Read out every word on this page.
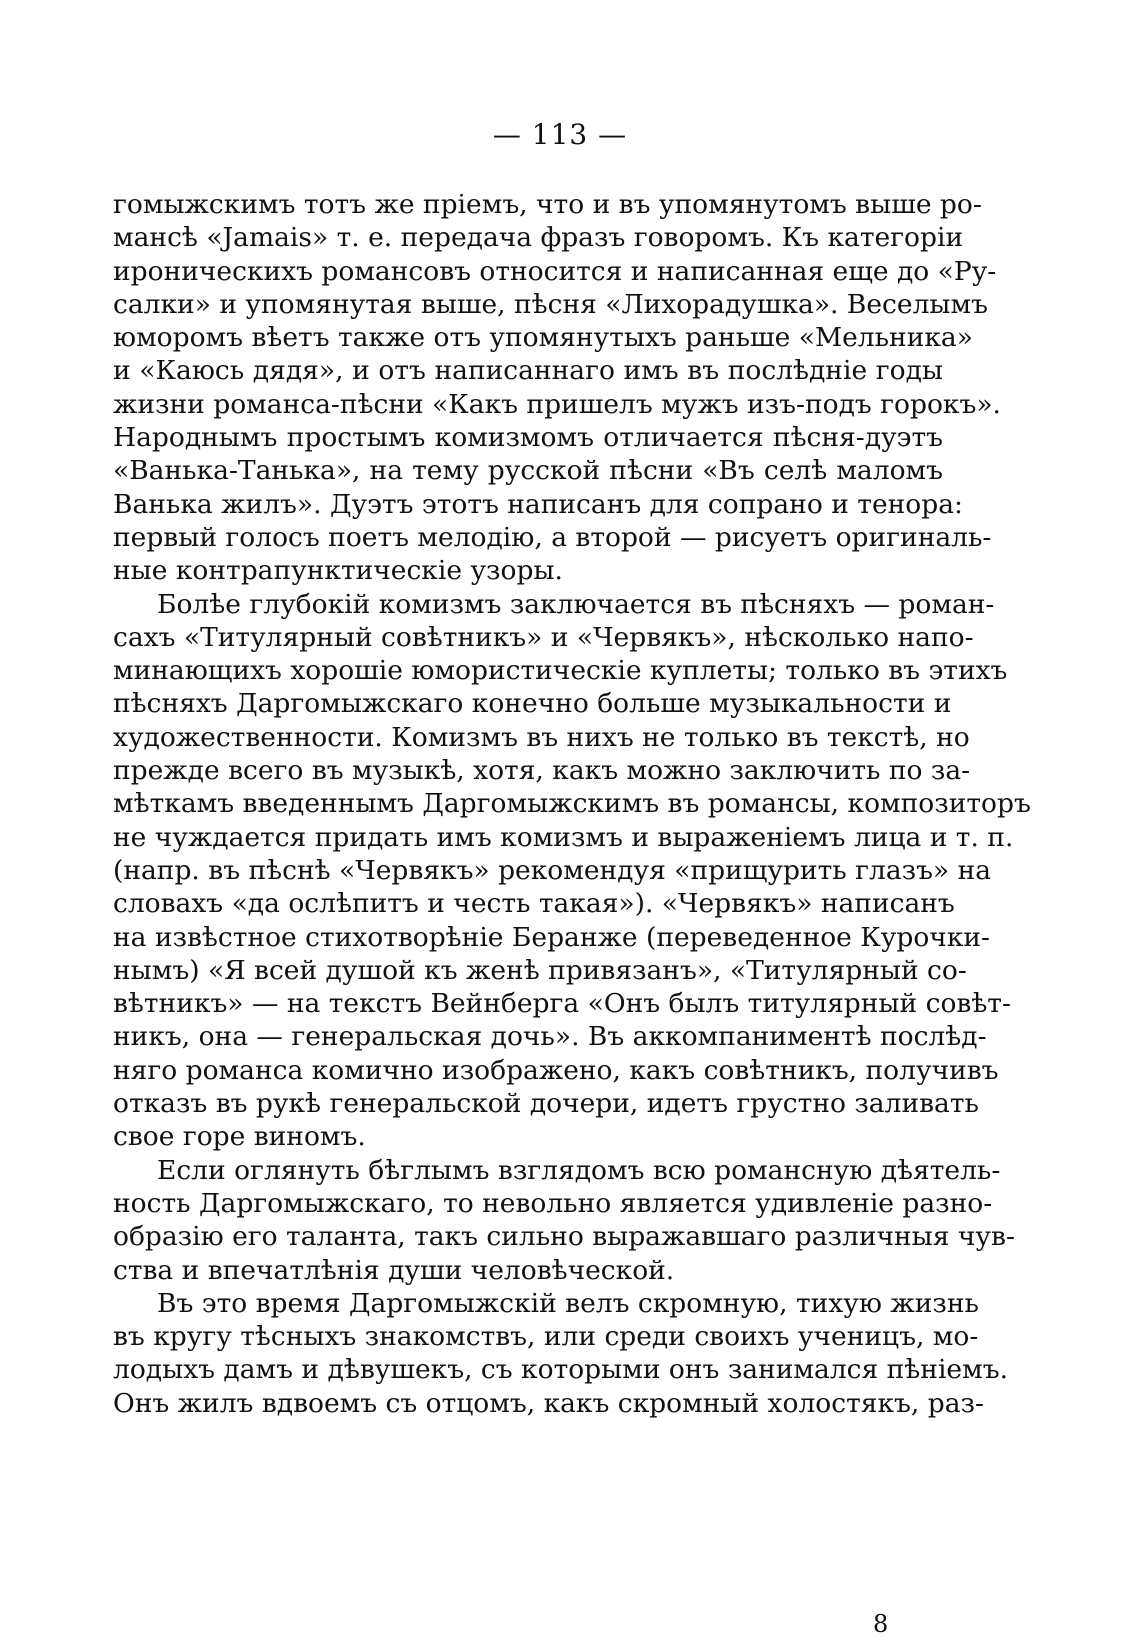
— 113 —
гомыжскимъ тотъ же пріемъ, что и въ упомянутомъ выше ро-
мансѣ «Jamais» т. е. передача фразъ говоромъ. Къ категоріи
ироническихъ романсовъ относится и написанная еще до «Ру-
салки» и упомянутая выше, пѣсня «Лихорадушка». Веселымъ
юморомъ вѣетъ также отъ упомянутыхъ раньше «Мельника»
и «Каюсь дядя», и отъ написаннаго имъ въ послѣдніе годы
жизни романса-пѣсни «Какъ пришелъ мужъ изъ-подъ горокъ».
Народнымъ простымъ комизмомъ отличается пѣсня-дуэтъ
«Ванька-Танька», на тему русской пѣсни «Въ селѣ маломъ
Ванька жилъ». Дуэтъ этотъ написанъ для сопрано и тенора:
первый голосъ поетъ мелодію, а второй — рисуетъ оригиналь-
ные контрапунктическіе узоры.
Болѣе глубокій комизмъ заключается въ пѣсняхъ — роман-
сахъ «Титулярный совѣтникъ» и «Червякъ», нѣсколько напо-
минающихъ хорошіе юмористическіе куплеты; только въ этихъ
пѣсняхъ Даргомыжскаго конечно больше музыкальности и
художественности. Комизмъ въ нихъ не только въ текстѣ, но
прежде всего въ музыкѣ, хотя, какъ можно заключить по за-
мѣткамъ введеннымъ Даргомыжскимъ въ романсы, композиторъ
не чуждается придать имъ комизмъ и выраженіемъ лица и т. п.
(напр. въ пѣснѣ «Червякъ» рекомендуя «прищурить глазъ» на
словахъ «да ослѣпитъ и честь такая»). «Червякъ» написанъ
на извѣстное стихотворѣніе Беранже (переведенное Курочки-
нымъ) «Я всей душой къ женѣ привязанъ», «Титулярный со-
вѣтникъ» — на текстъ Вейнберга «Онъ былъ титулярный совѣт-
никъ, она — генеральская дочь». Въ аккомпаниментѣ послѣд-
няго романса комично изображено, какъ совѣтникъ, получивъ
отказъ въ рукѣ генеральской дочери, идетъ грустно заливать
свое горе виномъ.
Если оглянуть бѣглымъ взглядомъ всю романсную дѣятель-
ность Даргомыжскаго, то невольно является удивленіе разно-
образію его таланта, такъ сильно выражавшаго различныя чув-
ства и впечатлѣнія души человѣческой.
Въ это время Даргомыжскій велъ скромную, тихую жизнь
въ кругу тѣсныхъ знакомствъ, или среди своихъ ученицъ, мо-
лодыхъ дамъ и дѣвушекъ, съ которыми онъ занимался пѣніемъ.
Онъ жилъ вдвоемъ съ отцомъ, какъ скромный холостякъ, раз-
8
